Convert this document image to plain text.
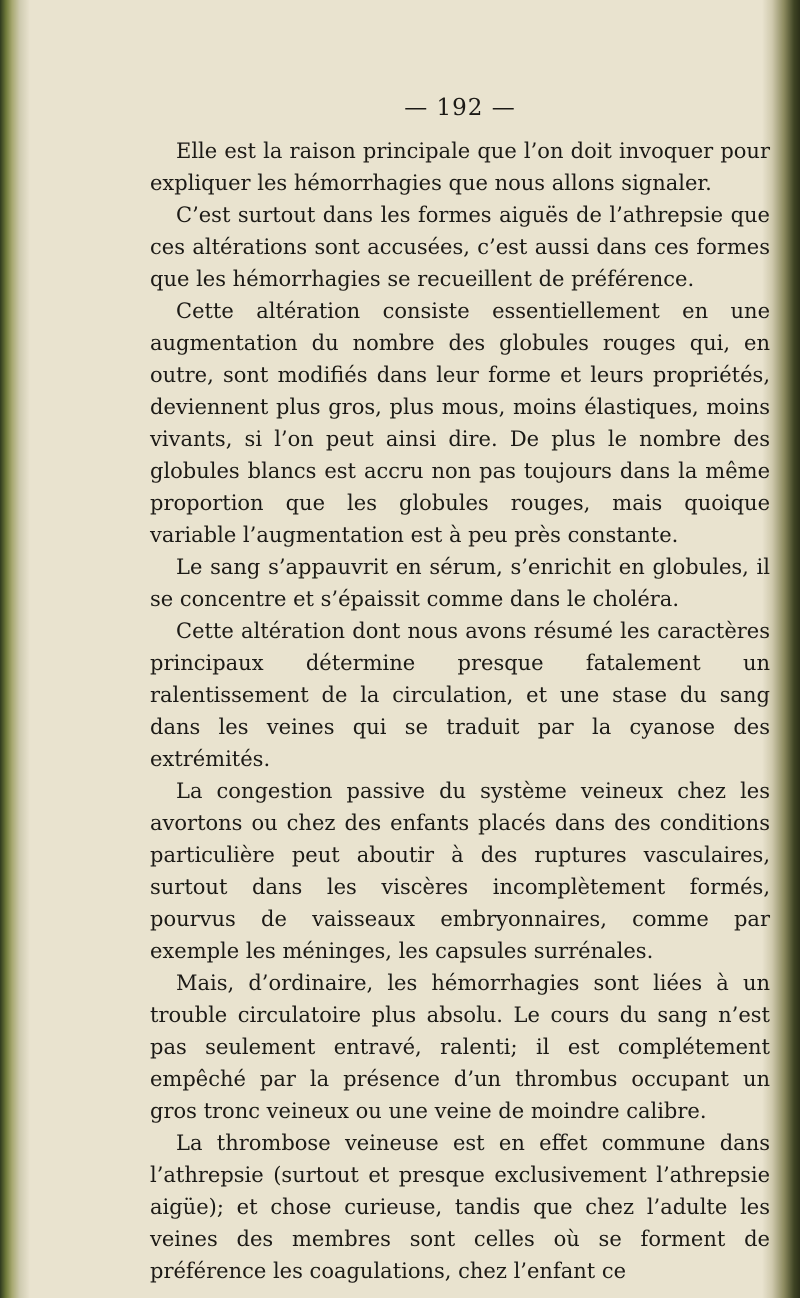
— 192 —

Elle est la raison principale que l’on doit invoquer pour expliquer les hémorrhagies que nous allons signaler.

C’est surtout dans les formes aiguës de l’athrepsie que ces altérations sont accusées, c’est aussi dans ces formes que les hémorrhagies se recueillent de préférence.

Cette altération consiste essentiellement en une augmentation du nombre des globules rouges qui, en outre, sont modifiés dans leur forme et leurs propriétés, deviennent plus gros, plus mous, moins élastiques, moins vivants, si l’on peut ainsi dire. De plus le nombre des globules blancs est accru non pas toujours dans la même proportion que les globules rouges, mais quoique variable l’augmentation est à peu près constante.

Le sang s’appauvrit en sérum, s’enrichit en globules, il se concentre et s’épaissit comme dans le choléra.

Cette altération dont nous avons résumé les caractères principaux détermine presque fatalement un ralentissement de la circulation, et une stase du sang dans les veines qui se traduit par la cyanose des extrémités.

La congestion passive du système veineux chez les avortons ou chez des enfants placés dans des conditions particulière peut aboutir à des ruptures vasculaires, surtout dans les viscères incomplètement formés, pourvus de vaisseaux embryonnaires, comme par exemple les méninges, les capsules surrénales.

Mais, d’ordinaire, les hémorrhagies sont liées à un trouble circulatoire plus absolu. Le cours du sang n’est pas seulement entravé, ralenti; il est complétement empêché par la présence d’un thrombus occupant un gros tronc veineux ou une veine de moindre calibre.

La thrombose veineuse est en effet commune dans l’athrepsie (surtout et presque exclusivement l’athrepsie aigüe); et chose curieuse, tandis que chez l’adulte les veines des membres sont celles où se forment de préférence les coagulations, chez l’enfant ce
